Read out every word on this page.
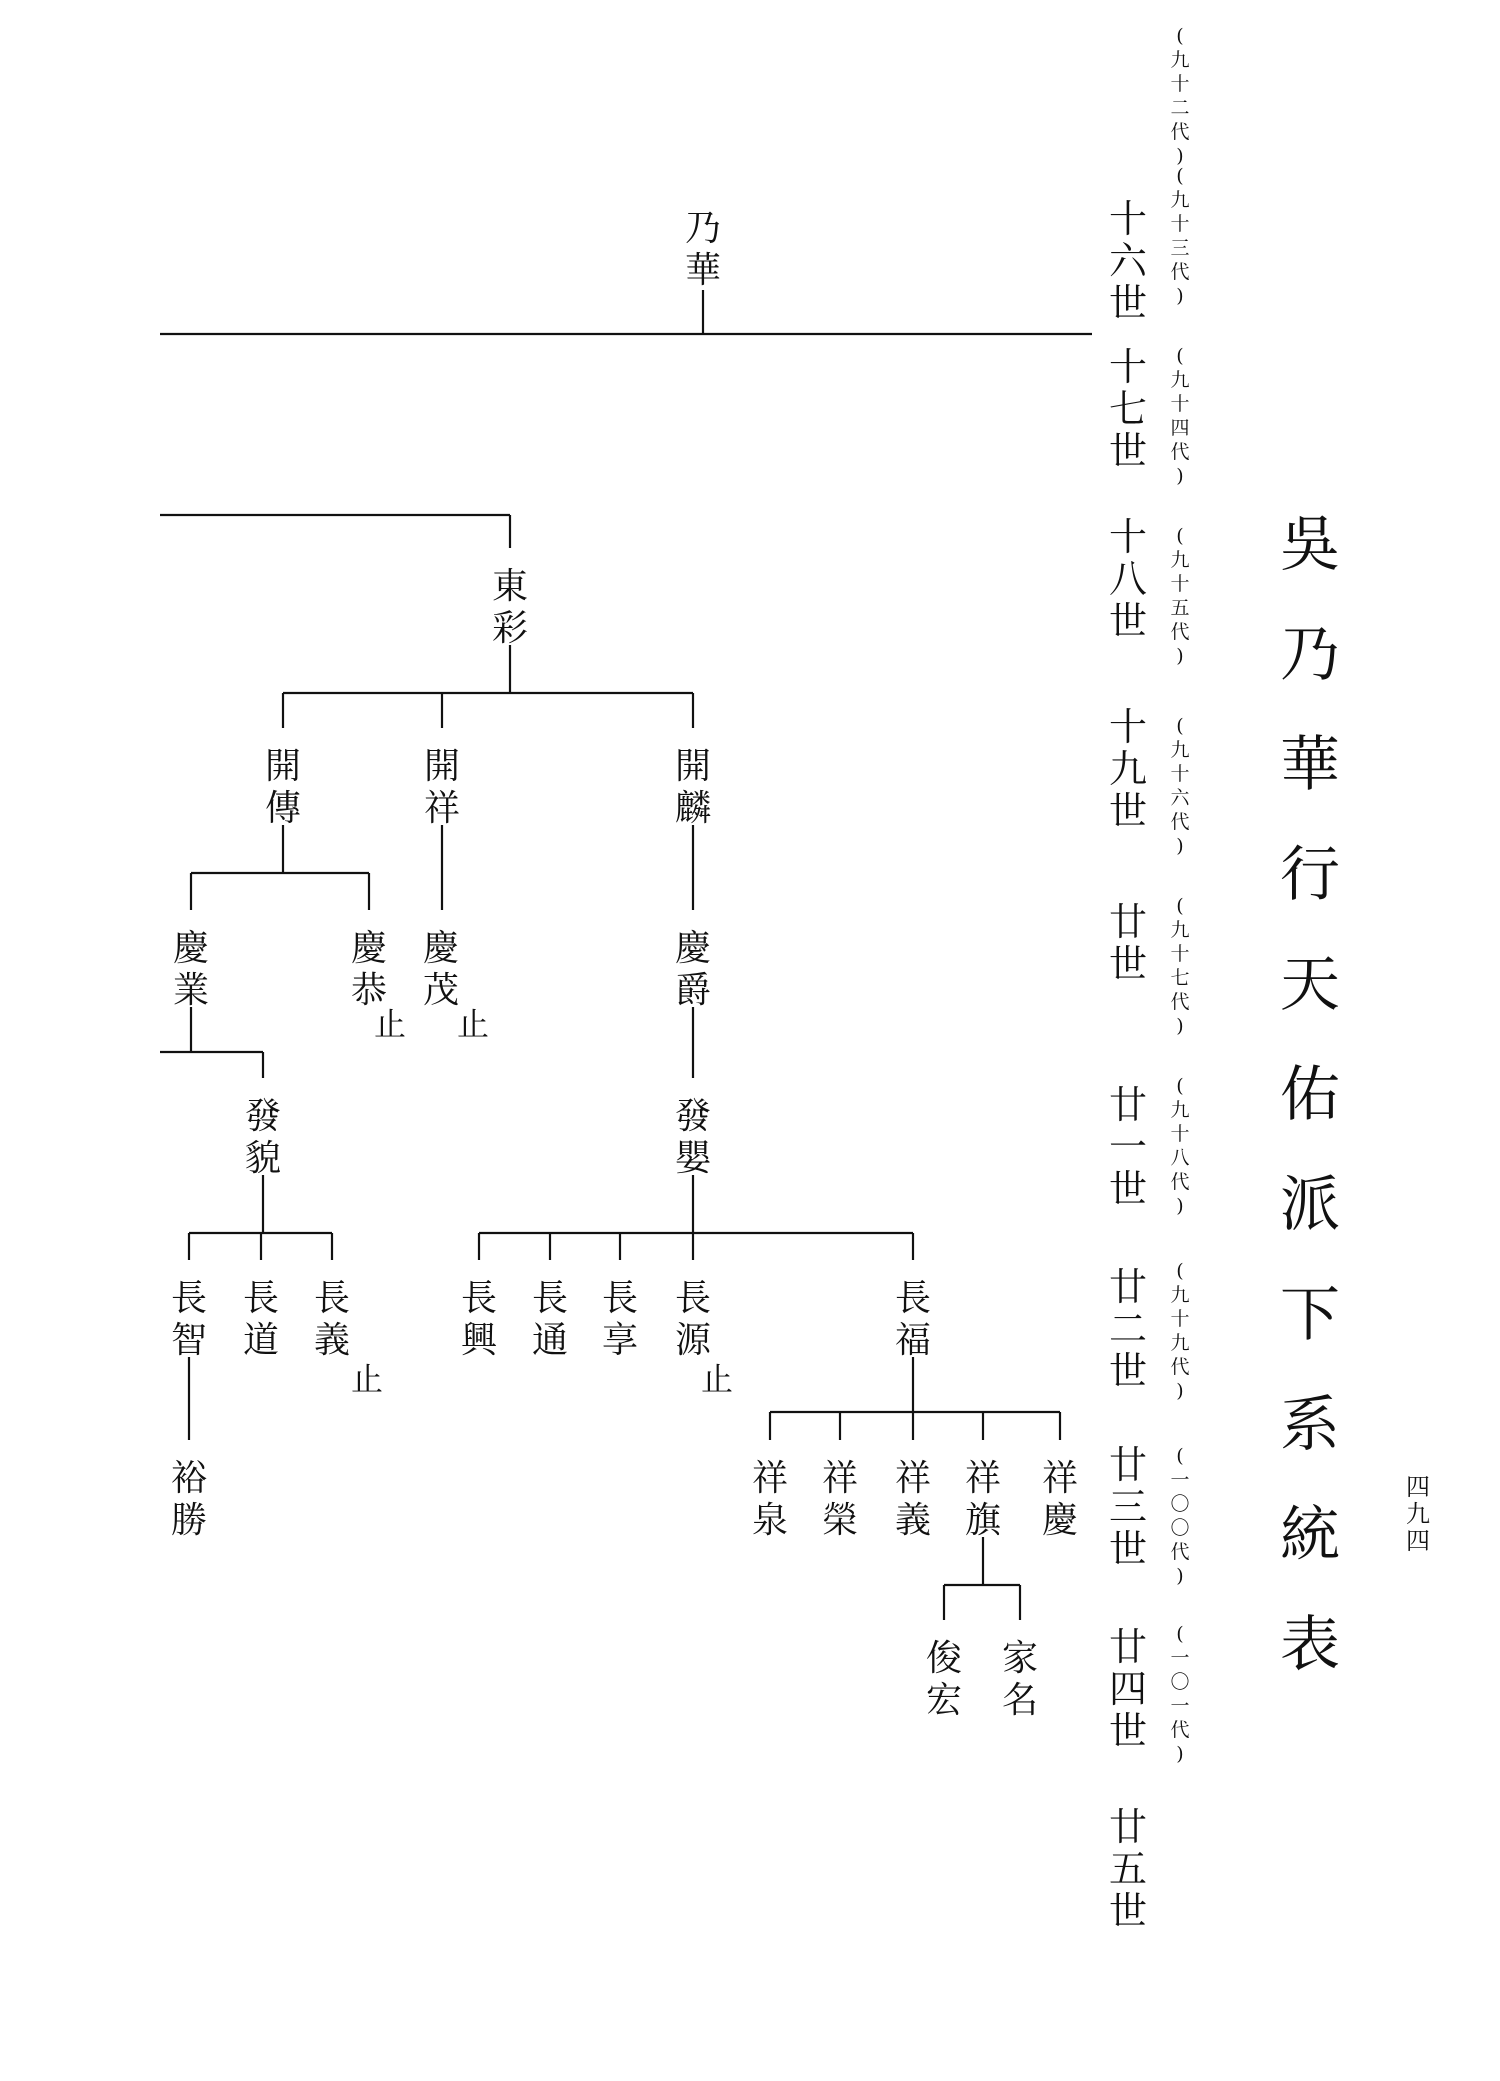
乃華
東彩
開傳
開祥
開麟
慶業
慶恭
慶茂
慶爵
發貌
發嬰
長智
長道
長義
長興
長通
長享
長源
長福
裕勝
祥泉
祥榮
祥義
祥旗
祥慶
俊宏
家名
止 止
止	止
十六世
(九十二代)
十七世
(九十三代)
十八世
(九十四代)
十九世
(九十五代)
廿世
(九十六代)
廿一世
(九十七代)
廿二世
(九十八代)
廿三世
(九十九代)
廿四世
(一〇〇代)
廿五世
(一〇一代)
吳乃華行天佑派下系統表
四九四
